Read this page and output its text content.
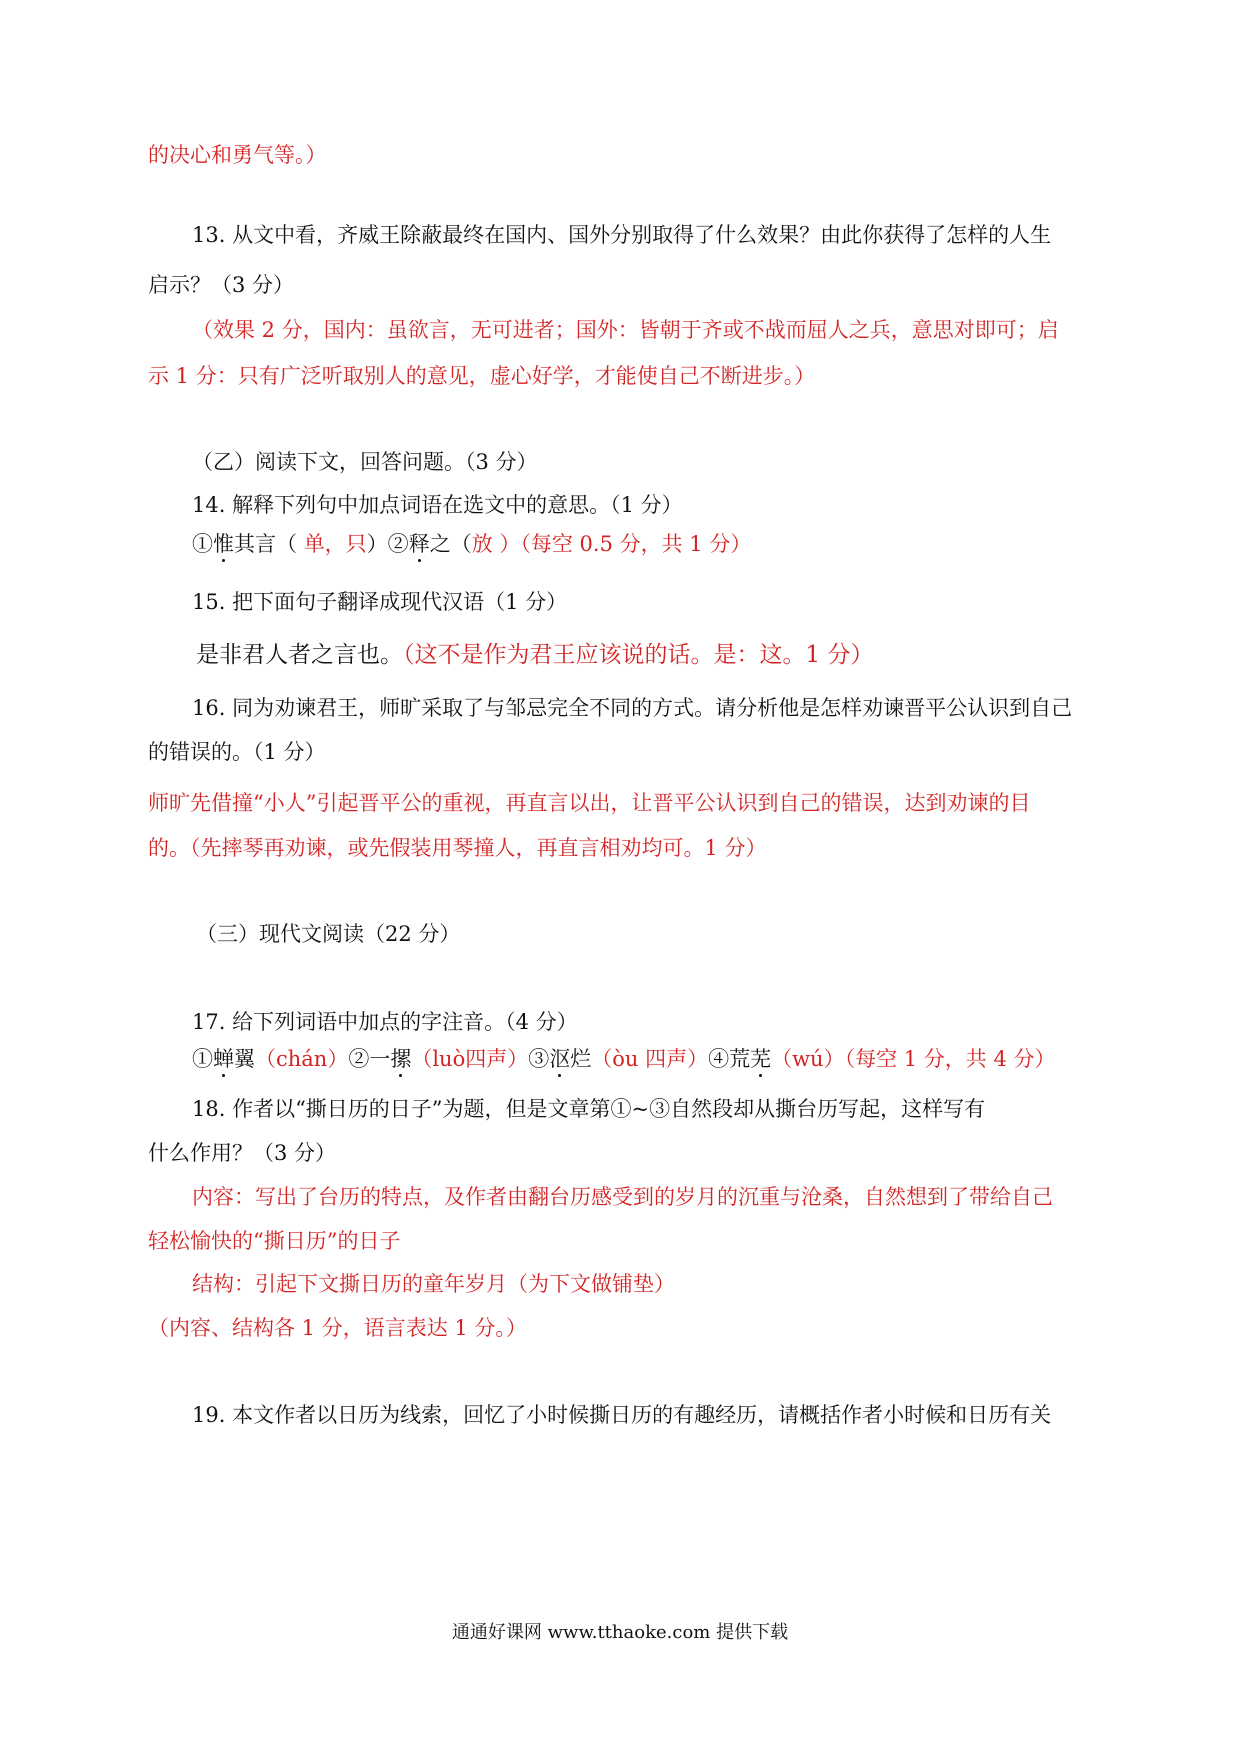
的决心和勇气等。）
13. 从文中看，齐威王除蔽最终在国内、国外分别取得了什么效果？由此你获得了怎样的人生
启示？（3 分）
（效果 2 分，国内：虽欲言，无可进者；国外：皆朝于齐或不战而屈人之兵，意思对即可；启
示 1 分：只有广泛听取别人的意见，虚心好学，才能使自己不断进步。）
（乙）阅读下文，回答问题。（3 分）
14. 解释下列句中加点词语在选文中的意思。（1 分）
①惟其言（ 单，只）②释之（放 ）（每空 0.5 分，共 1 分）
15. 把下面句子翻译成现代汉语（1 分）
是非君人者之言也。（这不是作为君王应该说的话。是：这。1 分）
16. 同为劝谏君王，师旷采取了与邹忌完全不同的方式。请分析他是怎样劝谏晋平公认识到自己
的错误的。（1 分）
师旷先借撞“小人”引起晋平公的重视，再直言以出，让晋平公认识到自己的错误，达到劝谏的目
的。（先摔琴再劝谏，或先假装用琴撞人，再直言相劝均可。1 分）
（三）现代文阅读（22 分）
17. 给下列词语中加点的字注音。（4 分）
①蝉翼（chán）②一摞（luò四声）③沤烂（òu 四声）④荒芜（wú）（每空 1 分，共 4 分）
18. 作者以“撕日历的日子”为题，但是文章第①~③自然段却从撕台历写起，这样写有
什么作用？（3 分）
内容：写出了台历的特点，及作者由翻台历感受到的岁月的沉重与沧桑，自然想到了带给自己
轻松愉快的“撕日历”的日子
结构：引起下文撕日历的童年岁月（为下文做铺垫）
（内容、结构各 1 分，语言表达 1 分。）
19. 本文作者以日历为线索，回忆了小时候撕日历的有趣经历，请概括作者小时候和日历有关
通通好课网 www.tthaoke.com 提供下载
